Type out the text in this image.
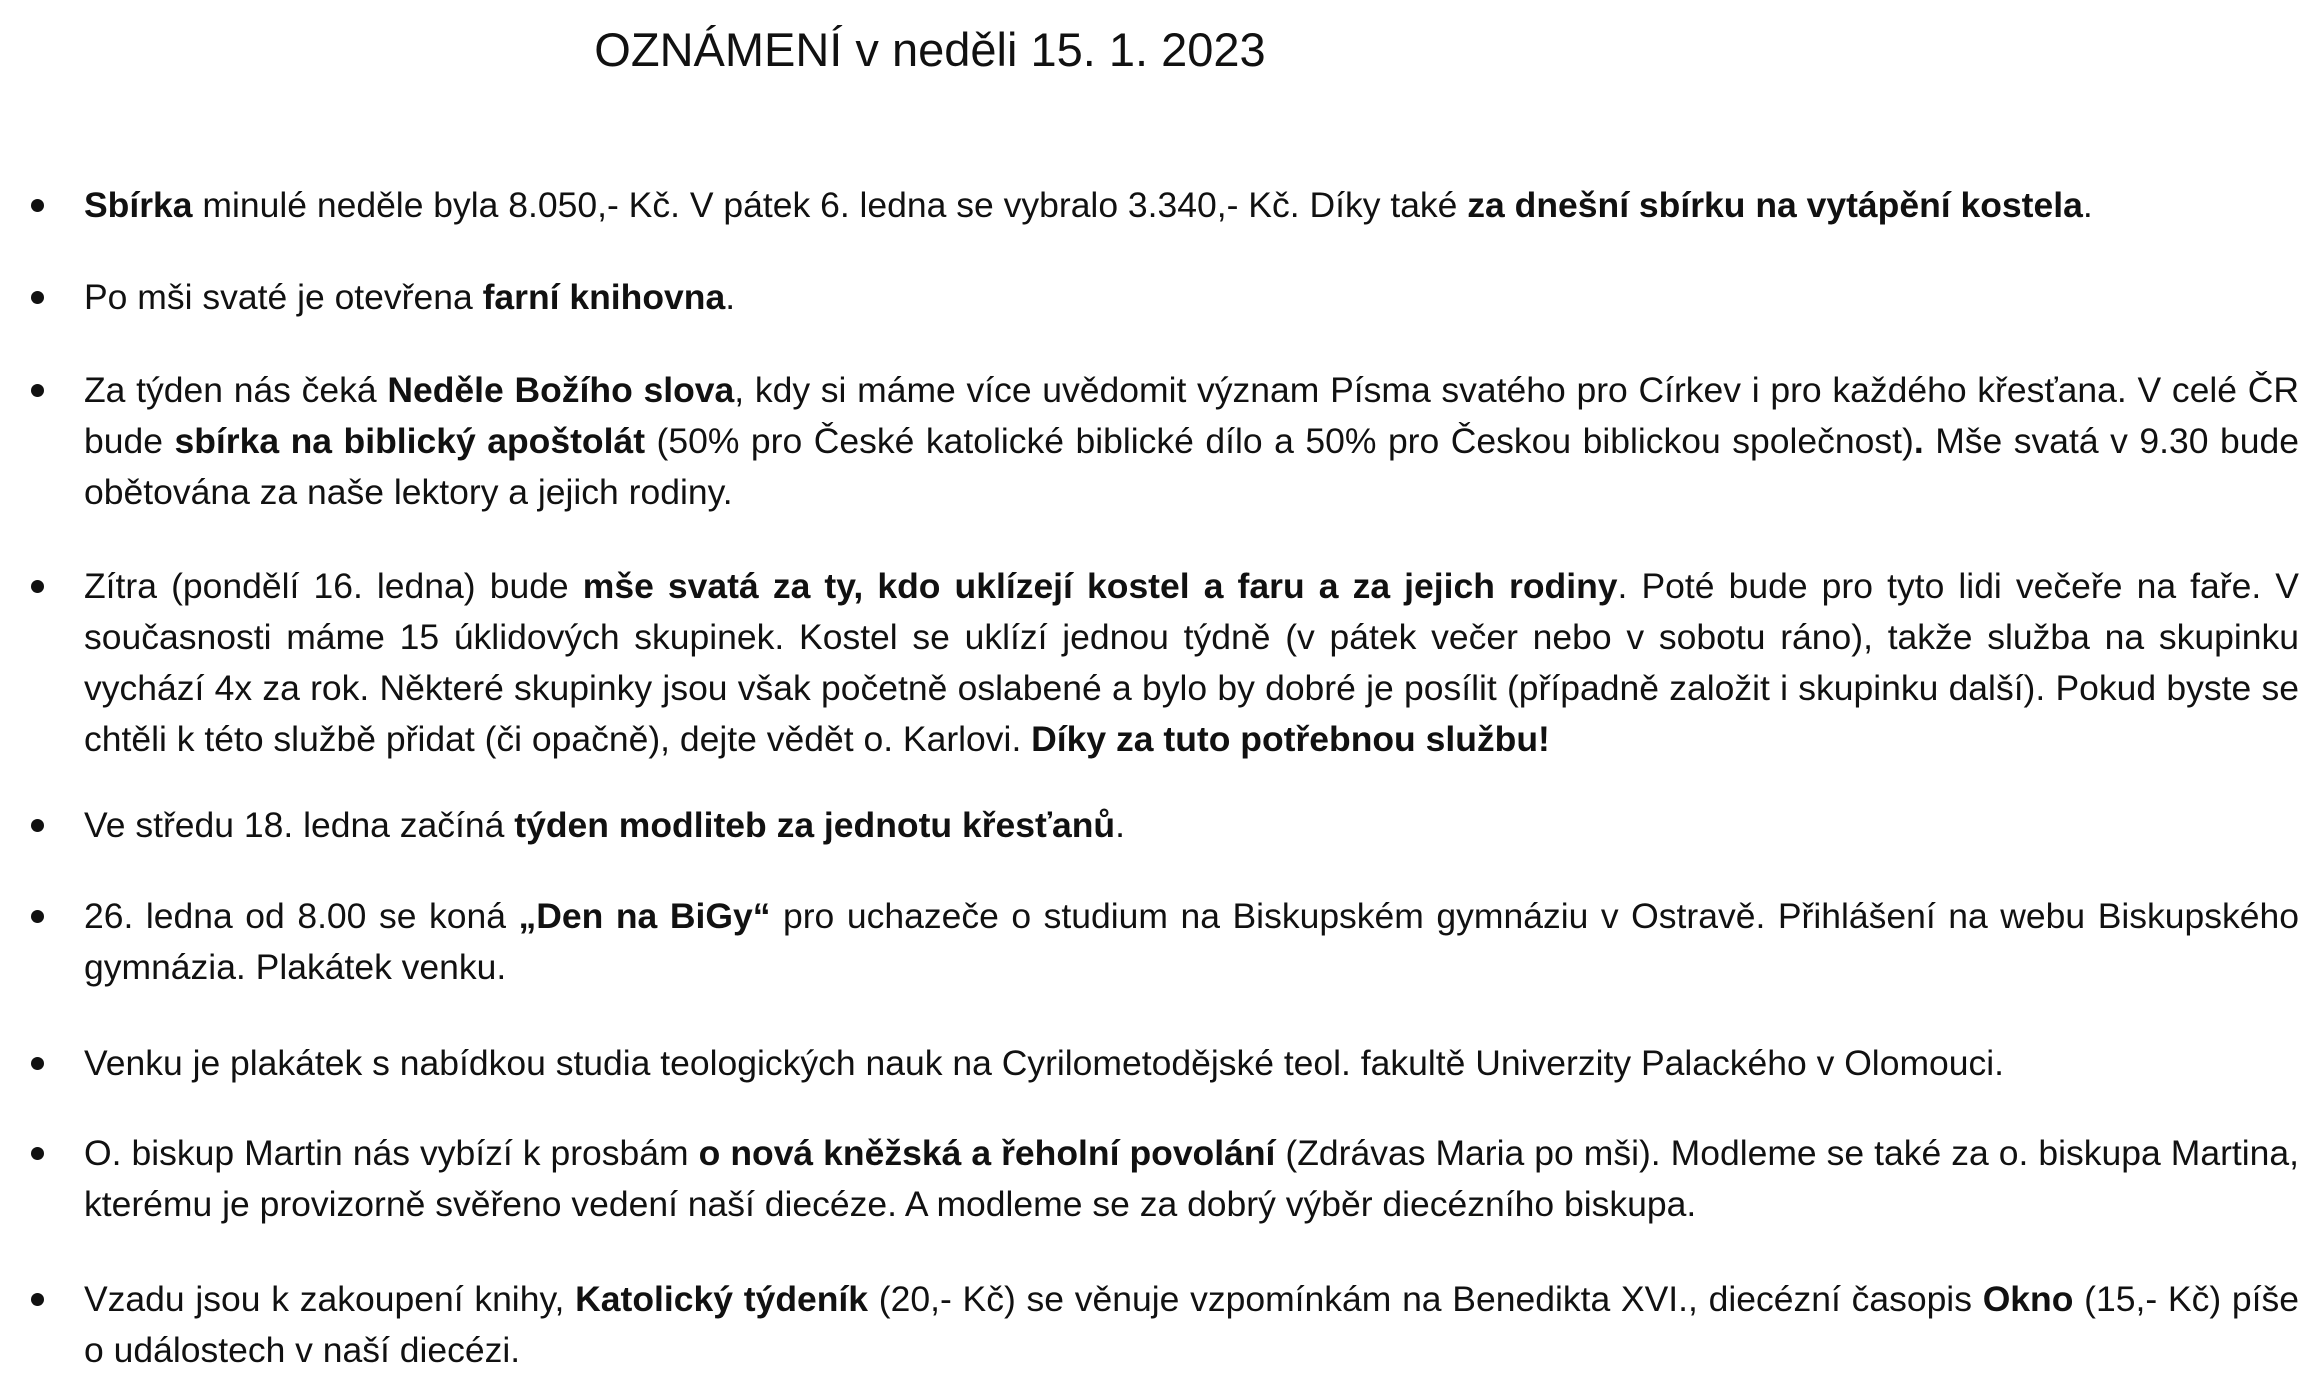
OZNÁMENÍ v neděli 15. 1. 2023
Sbírka minulé neděle byla 8.050,- Kč. V pátek 6. ledna se vybralo 3.340,- Kč. Díky také za dnešní sbírku na vytápění kostela.
Po mši svaté je otevřena farní knihovna.
Za týden nás čeká Neděle Božího slova, kdy si máme více uvědomit význam Písma svatého pro Církev i pro každého křesťana. V celé ČR bude sbírka na biblický apoštolát (50% pro České katolické biblické dílo a 50% pro Českou biblickou společnost). Mše svatá v 9.30 bude obětována za naše lektory a jejich rodiny.
Zítra (pondělí 16. ledna) bude mše svatá za ty, kdo uklízejí kostel a faru a za jejich rodiny. Poté bude pro tyto lidi večeře na faře. V současnosti máme 15 úklidových skupinek. Kostel se uklízí jednou týdně (v pátek večer nebo v sobotu ráno), takže služba na skupinku vychází 4x za rok. Některé skupinky jsou však početně oslabené a bylo by dobré je posílit (případně založit i skupinku další). Pokud byste se chtěli k této službě přidat (či opačně), dejte vědět o. Karlovi. Díky za tuto potřebnou službu!
Ve středu 18. ledna začíná týden modliteb za jednotu křesťanů.
26. ledna od 8.00 se koná „Den na BiGy“ pro uchazeče o studium na Biskupském gymnáziu v Ostravě. Přihlášení na webu Biskupského gymnázia. Plakátek venku.
Venku je plakátek s nabídkou studia teologických nauk na Cyrilometodějské teol. fakultě Univerzity Palackého v Olomouci.
O. biskup Martin nás vybízí k prosbám o nová kněžská a řeholní povolání (Zdrávas Maria po mši). Modleme se také za o. biskupa Martina, kterému je provizorně svěřeno vedení naší diecéze. A modleme se za dobrý výběr diecézního biskupa.
Vzadu jsou k zakoupení knihy, Katolický týdeník (20,- Kč) se věnuje vzpomínkám na Benedikta XVI., diecézní časopis Okno (15,- Kč) píše o událostech v naší diecézi.
